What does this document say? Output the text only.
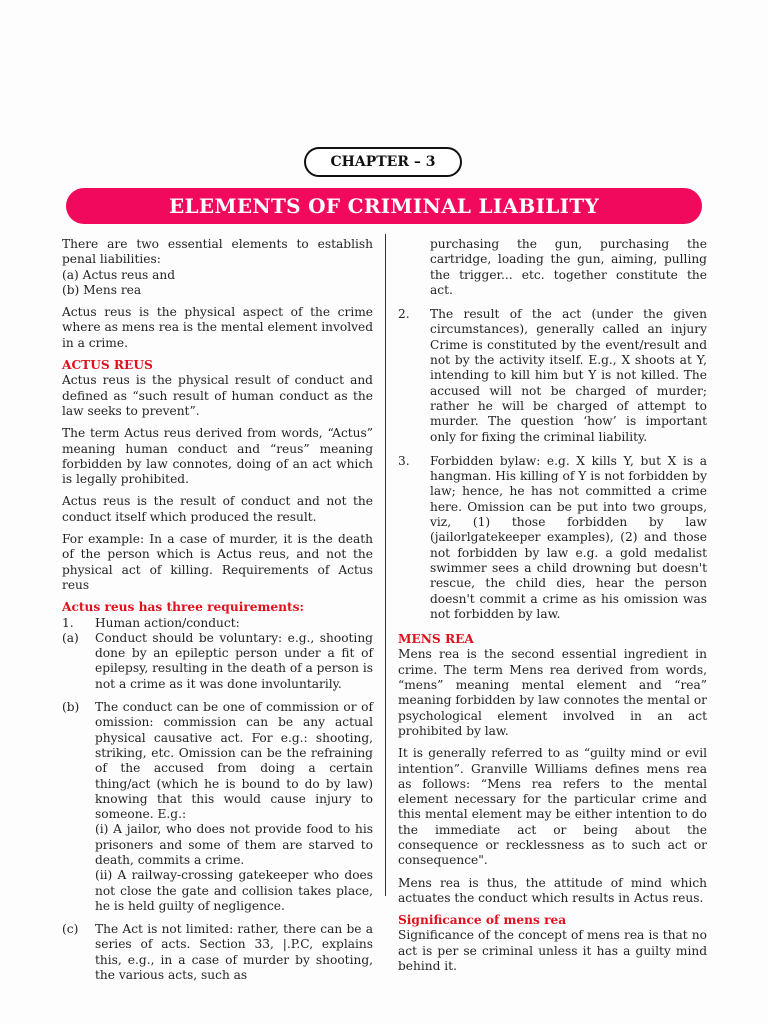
CHAPTER – 3
ELEMENTS OF CRIMINAL LIABILITY
There are two essential elements to establish penal liabilities:
(a) Actus reus and
(b) Mens rea
Actus reus is the physical aspect of the crime where as mens rea is the mental element involved in a crime.
ACTUS REUS
Actus reus is the physical result of conduct and defined as “such result of human conduct as the law seeks to prevent”.
The term Actus reus derived from words, “Actus” meaning human conduct and “reus” meaning forbidden by law connotes, doing of an act which is legally prohibited.
Actus reus is the result of conduct and not the conduct itself which produced the result.
For example: In a case of murder, it is the death of the person which is Actus reus, and not the physical act of killing. Requirements of Actus reus
Actus reus has three requirements:
1.	Human action/conduct:
(a)	Conduct should be voluntary: e.g., shooting done by an epileptic person under a fit of epilepsy, resulting in the death of a person is not a crime as it was done involuntarily.
(b)	The conduct can be one of commission or of omission: commission can be any actual physical causative act. For e.g.: shooting, striking, etc. Omission can be the refraining of the accused from doing a certain thing/act (which he is bound to do by law) knowing that this would cause injury to someone. E.g.:
(i) A jailor, who does not provide food to his prisoners and some of them are starved to death, commits a crime.
(ii) A railway-crossing gatekeeper who does not close the gate and collision takes place, he is held guilty of negligence.
(c)	The Act is not limited: rather, there can be a series of acts. Section 33, |.P.C, explains this, e.g., in a case of murder by shooting, the various acts, such as
purchasing the gun, purchasing the cartridge, loading the gun, aiming, pulling the trigger... etc. together constitute the act.
2.	The result of the act (under the given circumstances), generally called an injury Crime is constituted by the event/result and not by the activity itself. E.g., X shoots at Y, intending to kill him but Y is not killed. The accused will not be charged of murder; rather he will be charged of attempt to murder. The question ‘how’ is important only for fixing the criminal liability.
3.	Forbidden bylaw: e.g. X kills Y, but X is a hangman. His killing of Y is not forbidden by law; hence, he has not committed a crime here. Omission can be put into two groups, viz, (1) those forbidden by law (jailorlgatekeeper examples), (2) and those not forbidden by law e.g. a gold medalist swimmer sees a child drowning but doesn't rescue, the child dies, hear the person doesn't commit a crime as his omission was not forbidden by law.
MENS REA
Mens rea is the second essential ingredient in crime. The term Mens rea derived from words, “mens” meaning mental element and “rea” meaning forbidden by law connotes the mental or psychological element involved in an act prohibited by law.
It is generally referred to as “guilty mind or evil intention”. Granville Williams defines mens rea as follows: “Mens rea refers to the mental element necessary for the particular crime and this mental element may be either intention to do the immediate act or being about the consequence or recklessness as to such act or consequence".
Mens rea is thus, the attitude of mind which actuates the conduct which results in Actus reus.
Significance of mens rea
Significance of the concept of mens rea is that no act is per se criminal unless it has a guilty mind behind it.
